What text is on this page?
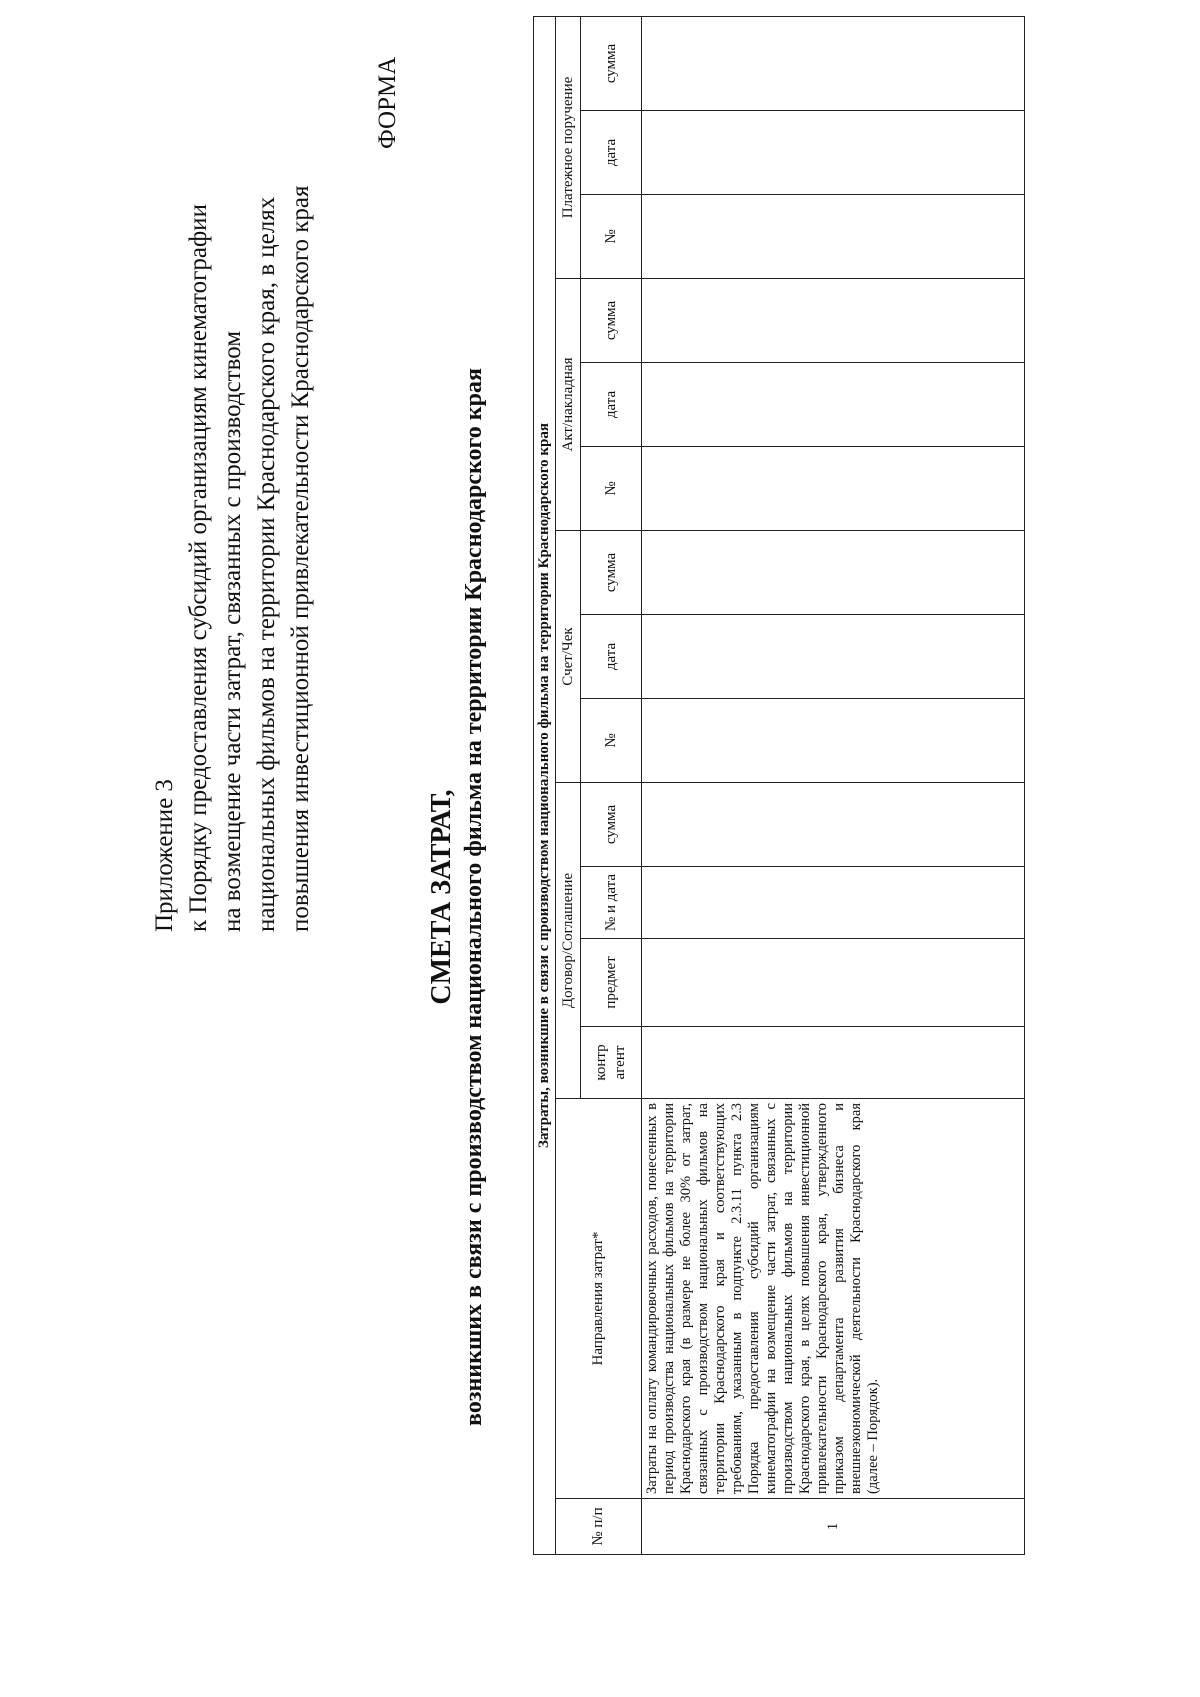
Приложение 3 к Порядку предоставления субсидий организациям кинематографии на возмещение части затрат, связанных с производством национальных фильмов на территории Краснодарского края, в целях повышения инвестиционной привлекательности Краснодарского края
ФОРМА
СМЕТА ЗАТРАТ, возникших в связи с производством национального фильма на территории Краснодарского края	Затраты, возникшие в связи с производством национального фильма на территории Краснодарского края														
№ п/п	Направления затрат*	Договор/Соглашение				Счет/Чек			Акт/накладная			Платежное поручение		
		контр агент	предмет	№ и дата	сумма	№	дата	сумма	№	дата	сумма	№	дата	сумма
1	Затраты на оплату командировочных расходов, понесенных в период производства национальных фильмов на территории Краснодарского края (в размере не более 30% от затрат, связанных с производством национальных фильмов на территории Краснодарского края и соответствующих требованиям, указанным в подпункте 2.3.11 пункта 2.3 Порядка предоставления субсидий организациям кинематографии на возмещение части затрат, связанных с производством национальных фильмов на территории Краснодарского края, в целях повышения инвестиционной привлекательности Краснодарского края, утвержденного приказом департамента развития бизнеса и внешнеэкономической деятельности Краснодарского края (далее – Порядок).													
